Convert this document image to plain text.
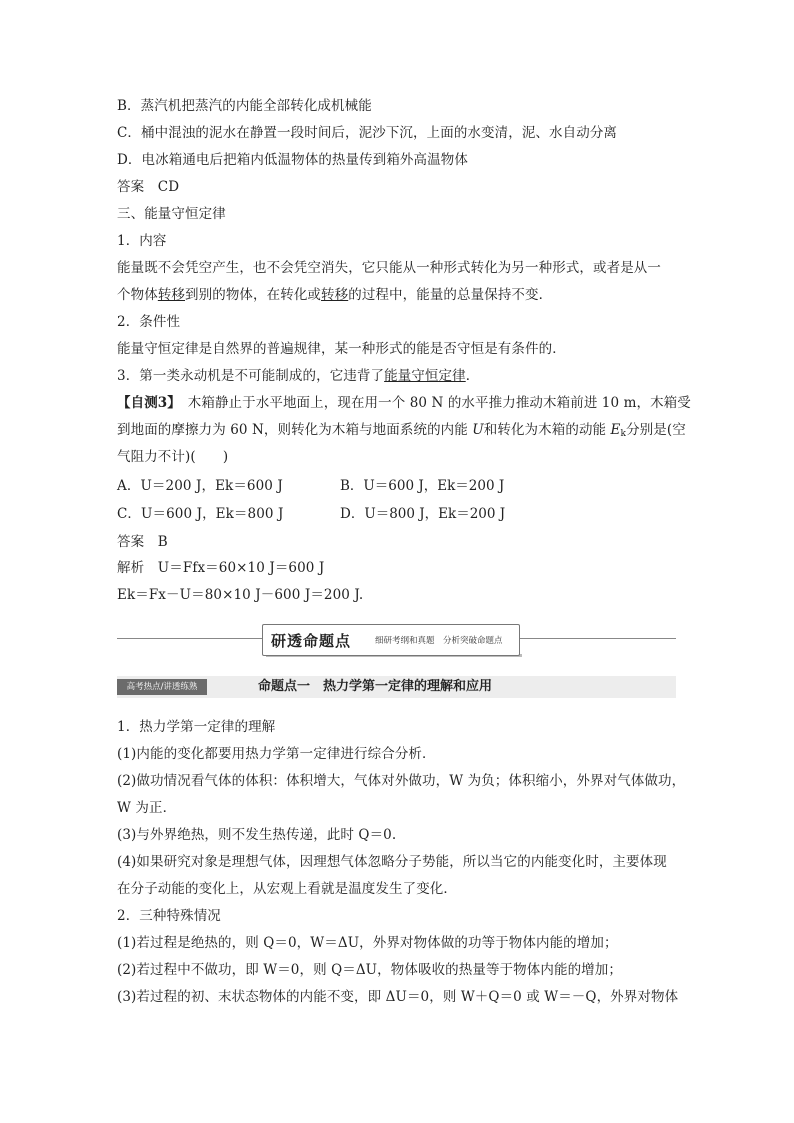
B．蒸汽机把蒸汽的内能全部转化成机械能
C．桶中混浊的泥水在静置一段时间后，泥沙下沉，上面的水变清，泥、水自动分离
D．电冰箱通电后把箱内低温物体的热量传到箱外高温物体
答案　CD
三、能量守恒定律
1．内容
能量既不会凭空产生，也不会凭空消失，它只能从一种形式转化为另一种形式，或者是从一
个物体转移到别的物体，在转化或转移的过程中，能量的总量保持不变．
2．条件性
能量守恒定律是自然界的普遍规律，某一种形式的能是否守恒是有条件的．
3．第一类永动机是不可能制成的，它违背了能量守恒定律．
【自测3】　木箱静止于水平地面上，现在用一个 80 N 的水平推力推动木箱前进 10 m，木箱受
到地面的摩擦力为 60 N，则转化为木箱与地面系统的内能 U和转化为木箱的动能 $E_k$分别是(空
气阻力不计)(　　)
A．U＝200 J，Ek＝600 J	B．U＝600 J，Ek＝200 J
C．U＝600 J，Ek＝800 J	D．U＝800 J，Ek＝200 J
答案　B
解析　U＝Ffx＝60×10 J＝600 J
Ek＝Fx－U＝80×10 J－600 J＝200 J.
研透命题点	细研考纲和真题　分析突破命题点
高考热点/讲透练熟	命题点一　热力学第一定律的理解和应用
1．热力学第一定律的理解
(1)内能的变化都要用热力学第一定律进行综合分析．
(2)做功情况看气体的体积：体积增大，气体对外做功，W 为负；体积缩小，外界对气体做功，
W 为正．
(3)与外界绝热，则不发生热传递，此时 Q＝0.
(4)如果研究对象是理想气体，因理想气体忽略分子势能，所以当它的内能变化时，主要体现
在分子动能的变化上，从宏观上看就是温度发生了变化．
2．三种特殊情况
(1)若过程是绝热的，则 Q＝0，W＝ΔU，外界对物体做的功等于物体内能的增加；
(2)若过程中不做功，即 W＝0，则 Q＝ΔU，物体吸收的热量等于物体内能的增加；
(3)若过程的初、末状态物体的内能不变，即 ΔU＝0，则 W＋Q＝0 或 W＝－Q，外界对物体
